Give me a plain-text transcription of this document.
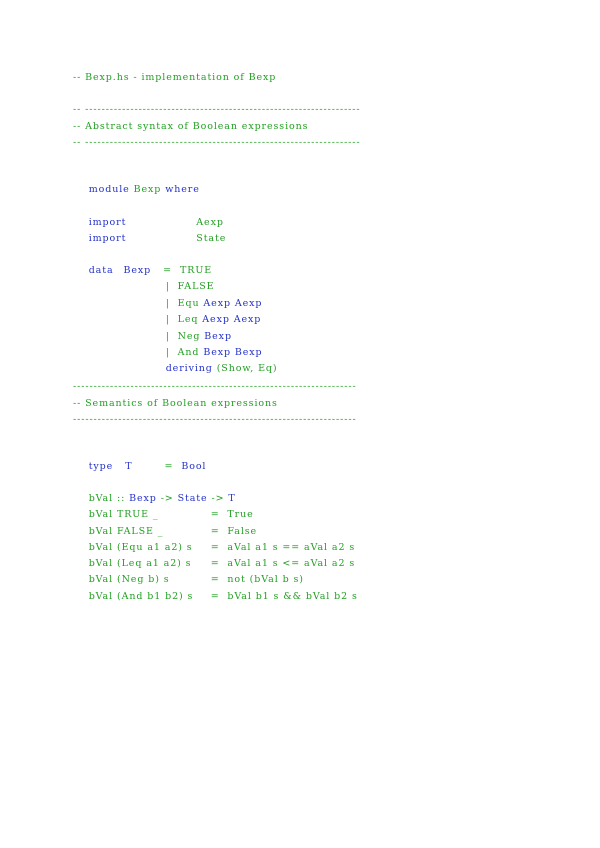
-- Bexp.hs - implementation of Bexp
-- -------------------------------------------------------------------
-- Abstract syntax of Boolean expressions
-- -------------------------------------------------------------------

module Bexp where

import	Aexp

import	State

data Bexp = TRUE

| FALSE

| Equ Aexp Aexp

| Leq Aexp Aexp

| Neg Bexp

| And Bexp Bexp

deriving (Show, Eq)

---------------------------------------------------------------------
-- Semantics of Boolean expressions
---------------------------------------------------------------------

type T	= Bool

bVal :: Bexp -> State -> T

bVal TRUE _	= True

bVal FALSE _	= False

bVal (Equ a1 a2) s = aVal a1 s == aVal a2 s

bVal (Leq a1 a2) s = aVal a1 s <= aVal a2 s

bVal (Neg b) s	= not (bVal b s)

bVal (And b1 b2) s = bVal b1 s && bVal b2 s
